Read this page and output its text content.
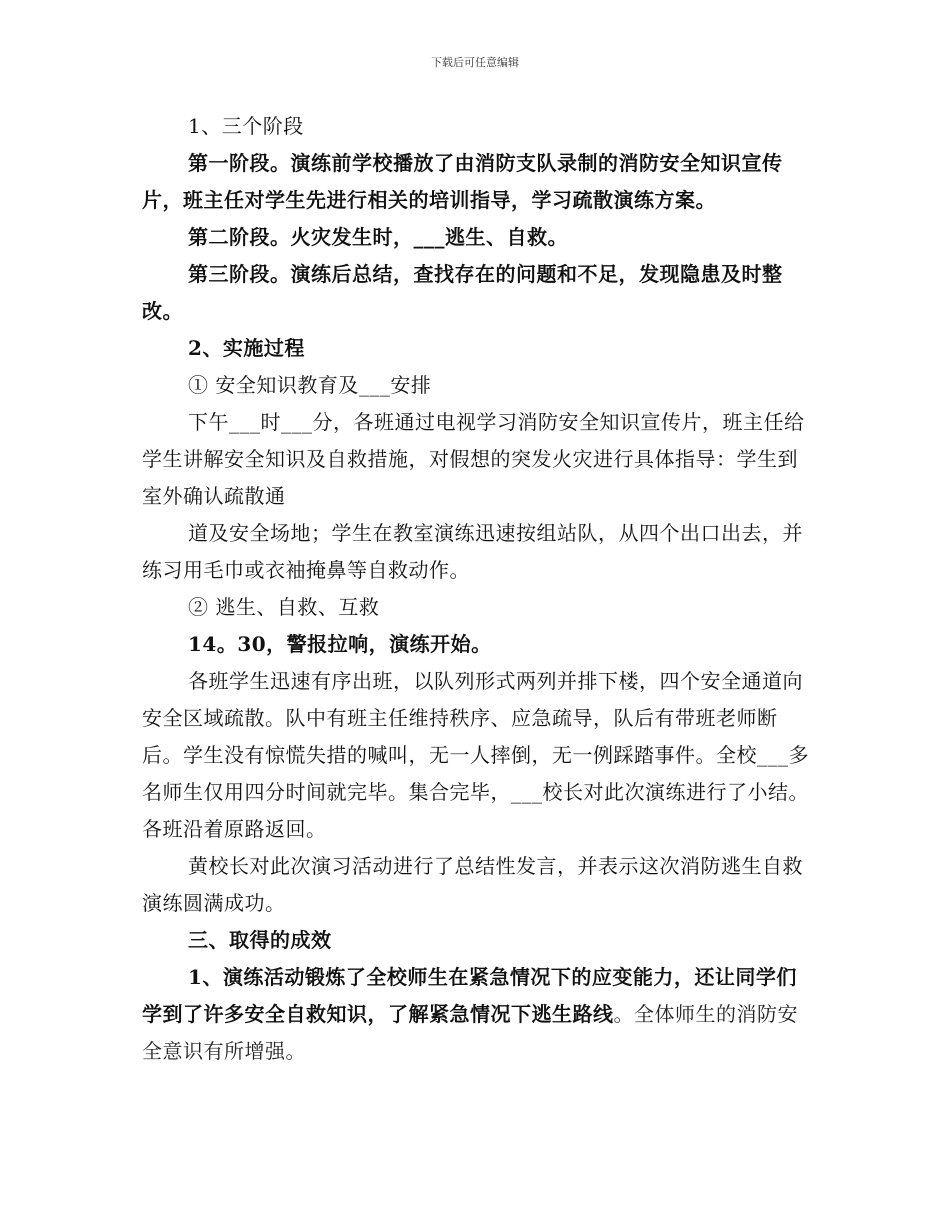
下载后可任意编辑

1、三个阶段

第一阶段。演练前学校播放了由消防支队录制的消防安全知识宣传片，班主任对学生先进行相关的培训指导，学习疏散演练方案。

第二阶段。火灾发生时，___逃生、自救。

第三阶段。演练后总结，查找存在的问题和不足，发现隐患及时整改。

2、实施过程

① 安全知识教育及___安排

下午___时___分，各班通过电视学习消防安全知识宣传片，班主任给学生讲解安全知识及自救措施，对假想的突发火灾进行具体指导：学生到室外确认疏散通

道及安全场地；学生在教室演练迅速按组站队，从四个出口出去，并练习用毛巾或衣袖掩鼻等自救动作。

② 逃生、自救、互救

14。30，警报拉响，演练开始。

各班学生迅速有序出班，以队列形式两列并排下楼，四个安全通道向安全区域疏散。队中有班主任维持秩序、应急疏导，队后有带班老师断后。学生没有惊慌失措的喊叫，无一人摔倒，无一例踩踏事件。全校___多名师生仅用四分时间就完毕。集合完毕，___校长对此次演练进行了小结。各班沿着原路返回。

黄校长对此次演习活动进行了总结性发言，并表示这次消防逃生自救演练圆满成功。

三、取得的成效

1、演练活动锻炼了全校师生在紧急情况下的应变能力，还让同学们学到了许多安全自救知识，了解紧急情况下逃生路线。全体师生的消防安全意识有所增强。
